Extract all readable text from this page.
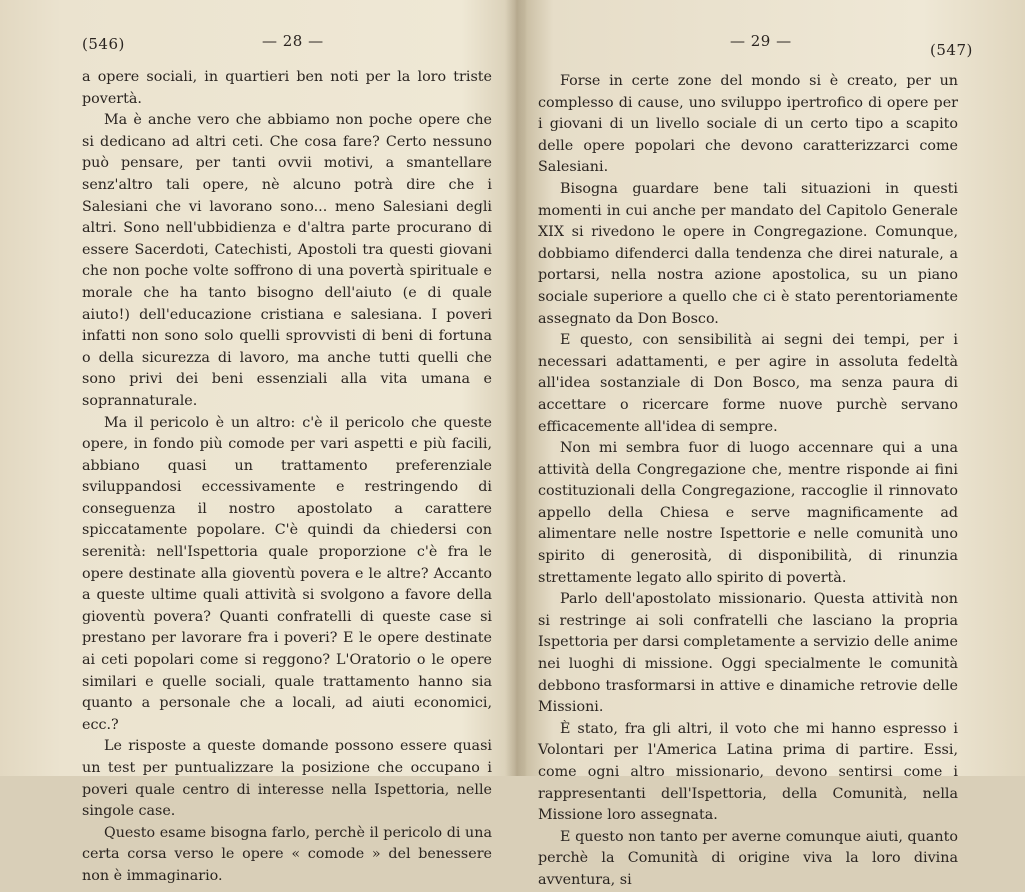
(546)	— 28 —

a opere sociali, in quartieri ben noti per la loro triste povertà.

Ma è anche vero che abbiamo non poche opere che si dedicano ad altri ceti. Che cosa fare? Certo nessuno può pensare, per tanti ovvii motivi, a smantellare senz'altro tali opere, nè alcuno potrà dire che i Salesiani che vi lavorano sono... meno Salesiani degli altri. Sono nell'ubbidienza e d'altra parte procurano di essere Sacerdoti, Catechisti, Apostoli tra questi giovani che non poche volte soffrono di una povertà spirituale e morale che ha tanto bisogno dell'aiuto (e di quale aiuto!) dell'educazione cristiana e salesiana. I poveri infatti non sono solo quelli sprovvisti di beni di fortuna o della sicurezza di lavoro, ma anche tutti quelli che sono privi dei beni essenziali alla vita umana e soprannaturale.

Ma il pericolo è un altro: c'è il pericolo che queste opere, in fondo più comode per vari aspetti e più facili, abbiano quasi un trattamento preferenziale sviluppandosi eccessivamente e restringendo di conseguenza il nostro apostolato a carattere spiccatamente popolare. C'è quindi da chiedersi con serenità: nell'Ispettoria quale proporzione c'è fra le opere destinate alla gioventù povera e le altre? Accanto a queste ultime quali attività si svolgono a favore della gioventù povera? Quanti confratelli di queste case si prestano per lavorare fra i poveri? E le opere destinate ai ceti popolari come si reggono? L'Oratorio o le opere similari e quelle sociali, quale trattamento hanno sia quanto a personale che a locali, ad aiuti economici, ecc.?

Le risposte a queste domande possono essere quasi un test per puntualizzare la posizione che occupano i poveri quale centro di interesse nella Ispettoria, nelle singole case.

Questo esame bisogna farlo, perchè il pericolo di una certa corsa verso le opere « comode » del benessere non è immaginario.

— 29 —	(547)

Forse in certe zone del mondo si è creato, per un complesso di cause, uno sviluppo ipertrofico di opere per i giovani di un livello sociale di un certo tipo a scapito delle opere popolari che devono caratterizzarci come Salesiani.

Bisogna guardare bene tali situazioni in questi momenti in cui anche per mandato del Capitolo Generale XIX si rivedono le opere in Congregazione. Comunque, dobbiamo difenderci dalla tendenza che direi naturale, a portarsi, nella nostra azione apostolica, su un piano sociale superiore a quello che ci è stato perentoriamente assegnato da Don Bosco.

E questo, con sensibilità ai segni dei tempi, per i necessari adattamenti, e per agire in assoluta fedeltà all'idea sostanziale di Don Bosco, ma senza paura di accettare o ricercare forme nuove purchè servano efficacemente all'idea di sempre.

Non mi sembra fuor di luogo accennare qui a una attività della Congregazione che, mentre risponde ai fini costituzionali della Congregazione, raccoglie il rinnovato appello della Chiesa e serve magnificamente ad alimentare nelle nostre Ispettorie e nelle comunità uno spirito di generosità, di disponibilità, di rinunzia strettamente legato allo spirito di povertà.

Parlo dell'apostolato missionario. Questa attività non si restringe ai soli confratelli che lasciano la propria Ispettoria per darsi completamente a servizio delle anime nei luoghi di missione. Oggi specialmente le comunità debbono trasformarsi in attive e dinamiche retrovie delle Missioni.

È stato, fra gli altri, il voto che mi hanno espresso i Volontari per l'America Latina prima di partire. Essi, come ogni altro missionario, devono sentirsi come i rappresentanti dell'Ispettoria, della Comunità, nella Missione loro assegnata.

E questo non tanto per averne comunque aiuti, quanto perchè la Comunità di origine viva la loro divina avventura, si
